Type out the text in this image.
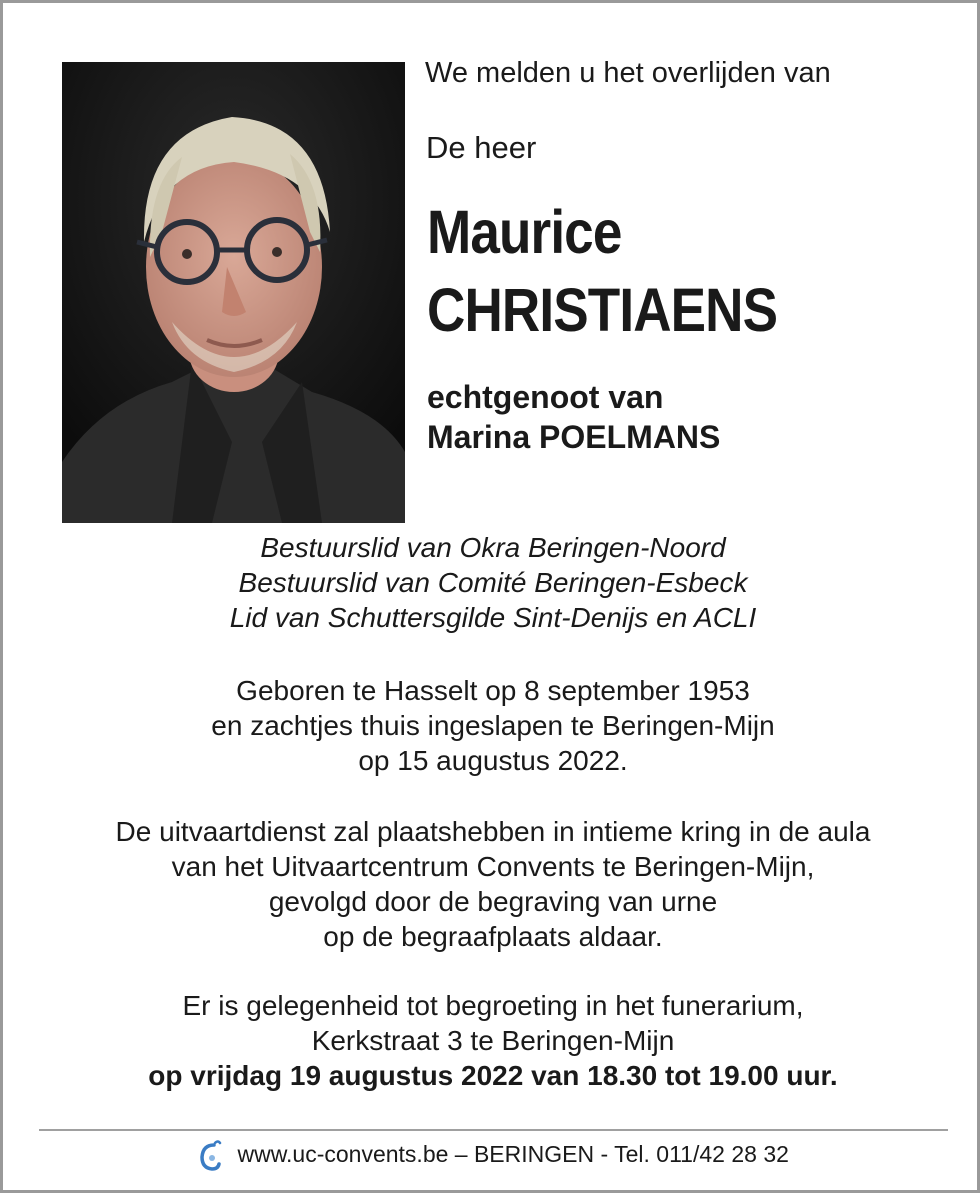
We melden u het overlijden van
De heer
Maurice
CHRISTIAENS
echtgenoot van
Marina POELMANS
Bestuurslid van Okra Beringen-Noord
Bestuurslid van Comité Beringen-Esbeck
Lid van Schuttersgilde Sint-Denijs en ACLI
Geboren te Hasselt op 8 september 1953
en zachtjes thuis ingeslapen te Beringen-Mijn
op 15 augustus 2022.
De uitvaartdienst zal plaatshebben in intieme kring in de aula
van het Uitvaartcentrum Convents te Beringen-Mijn,
gevolgd door de begraving van urne
op de begraafplaats aldaar.
Er is gelegenheid tot begroeting in het funerarium,
Kerkstraat 3 te Beringen-Mijn
op vrijdag 19 augustus 2022 van 18.30 tot 19.00 uur.
www.uc-convents.be – BERINGEN - Tel. 011/42 28 32
